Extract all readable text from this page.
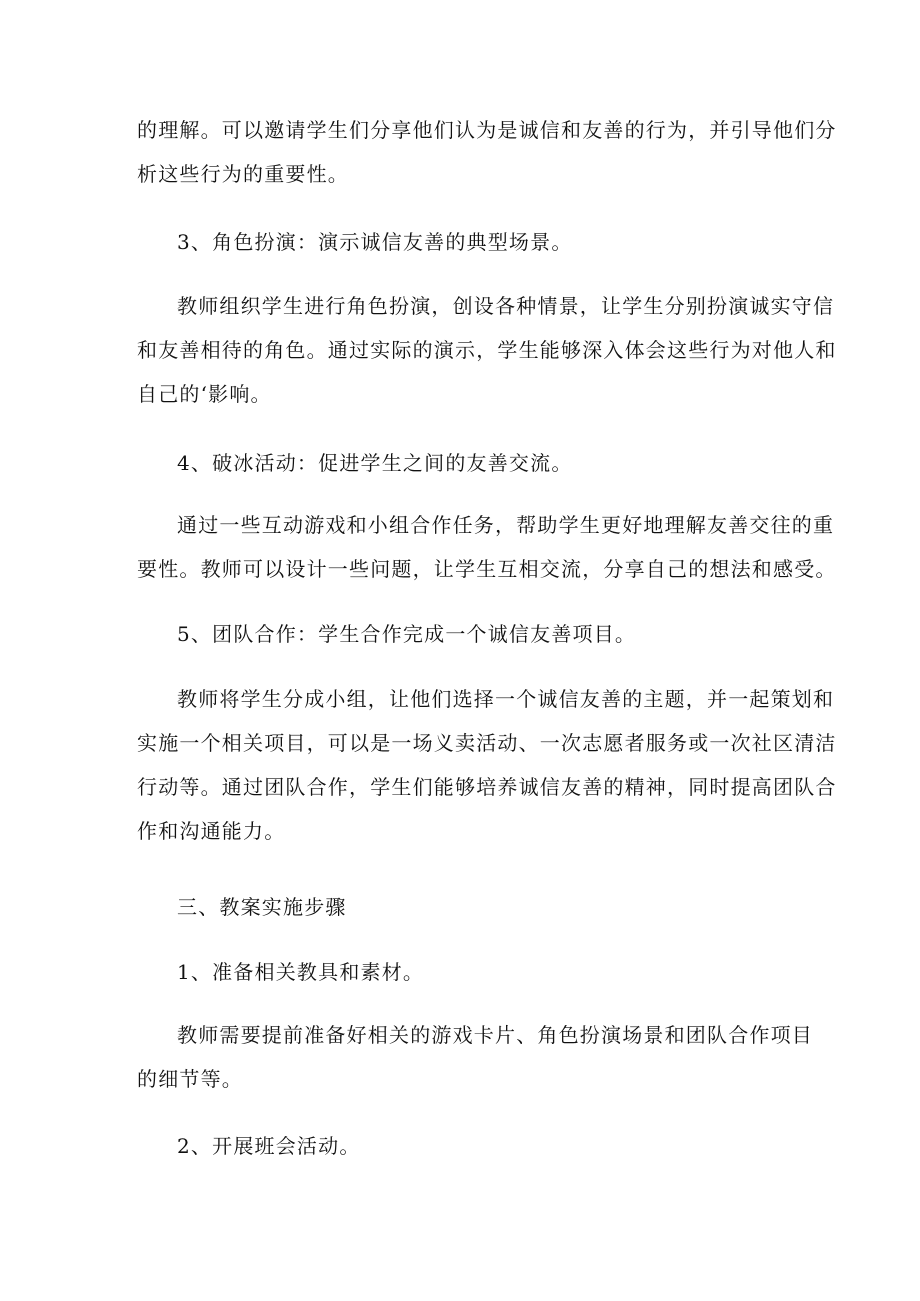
的理解。可以邀请学生们分享他们认为是诚信和友善的行为，并引导他们分
析这些行为的重要性。

3、角色扮演：演示诚信友善的典型场景。

教师组织学生进行角色扮演，创设各种情景，让学生分别扮演诚实守信
和友善相待的角色。通过实际的演示，学生能够深入体会这些行为对他人和
自己的‘影响。

4、破冰活动：促进学生之间的友善交流。

通过一些互动游戏和小组合作任务，帮助学生更好地理解友善交往的重
要性。教师可以设计一些问题，让学生互相交流，分享自己的想法和感受。

5、团队合作：学生合作完成一个诚信友善项目。

教师将学生分成小组，让他们选择一个诚信友善的主题，并一起策划和
实施一个相关项目，可以是一场义卖活动、一次志愿者服务或一次社区清洁
行动等。通过团队合作，学生们能够培养诚信友善的精神，同时提高团队合
作和沟通能力。

三、教案实施步骤

1、准备相关教具和素材。

教师需要提前准备好相关的游戏卡片、角色扮演场景和团队合作项目
的细节等。

2、开展班会活动。
